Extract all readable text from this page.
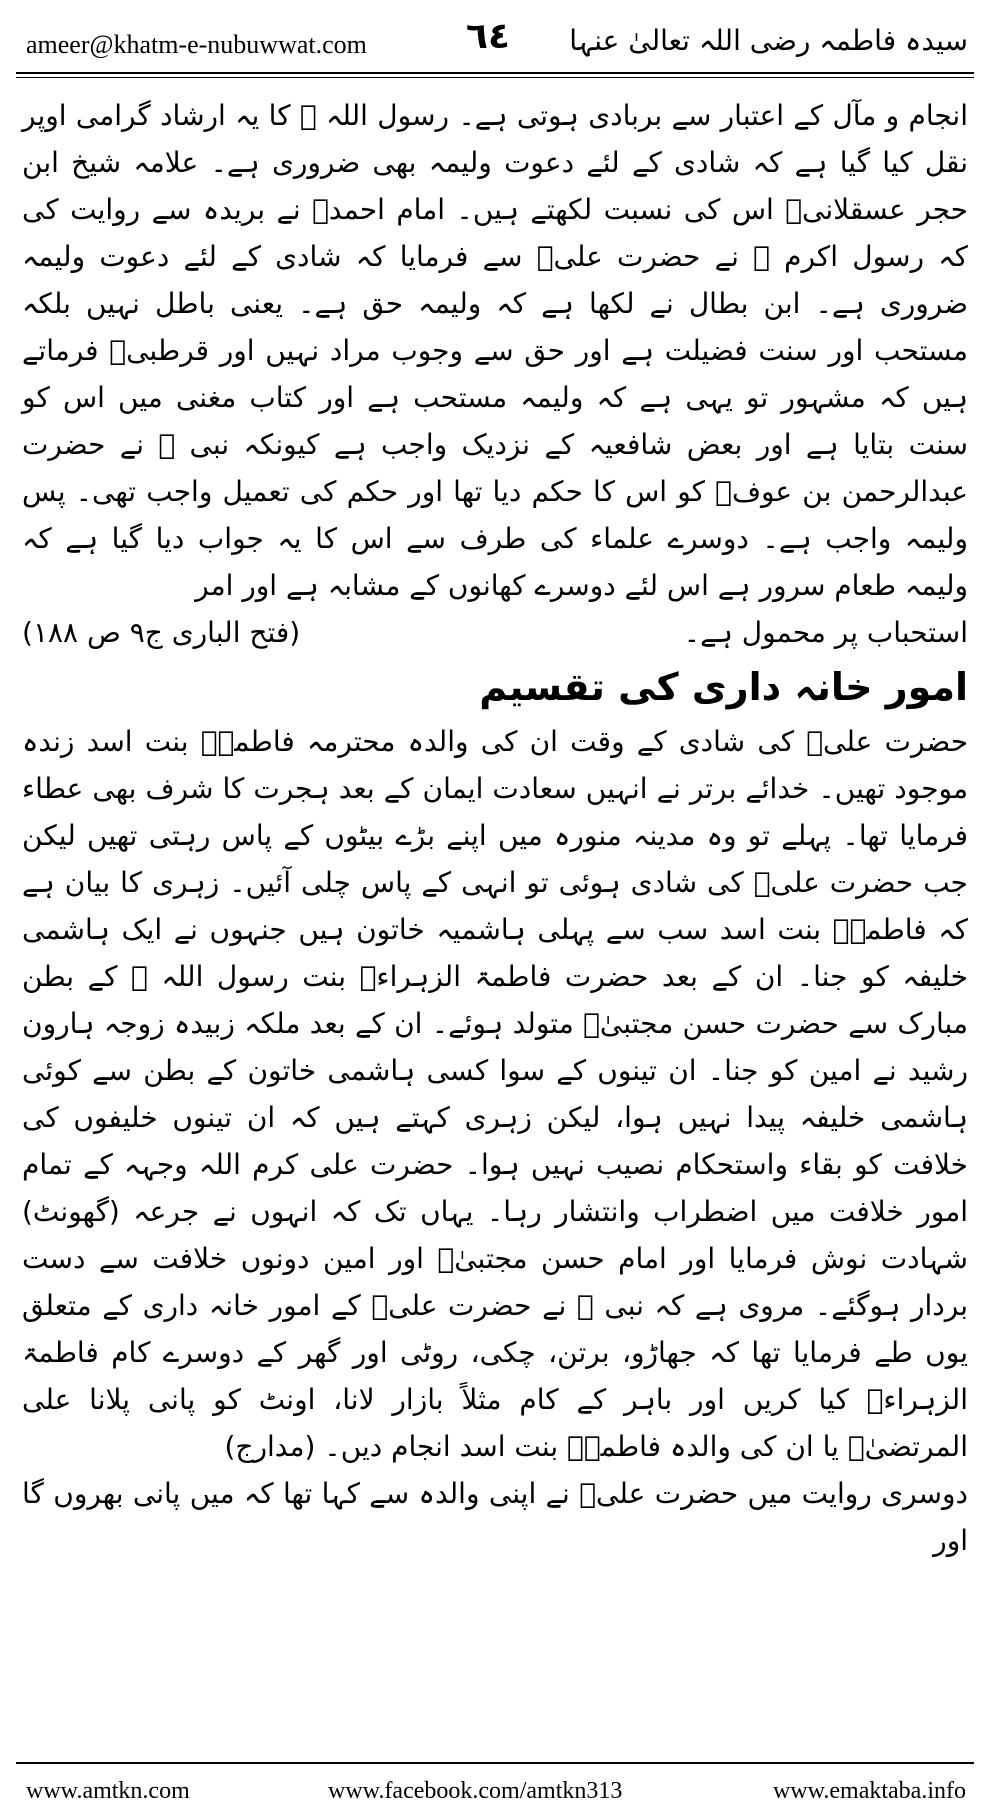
ameer@khatm-e-nubuwwat.com	٦٤ سیدہ فاطمہ رضی اللہ تعالیٰ عنہا

انجام و مآل کے اعتبار سے بربادی ہوتی ہے۔ رسول اللہ ﷺ کا یہ ارشاد گرامی اوپر نقل کیا گیا ہے کہ شادی کے لئے دعوت ولیمہ بھی ضروری ہے۔ علامہ شیخ ابن حجر عسقلانیؒ اس کی نسبت لکھتے ہیں۔ امام احمدؒ نے بریدہ سے روایت کی کہ رسول اکرم ﷺ نے حضرت علیؓ سے فرمایا کہ شادی کے لئے دعوت ولیمہ ضروری ہے۔ ابن بطال نے لکھا ہے کہ ولیمہ حق ہے۔ یعنی باطل نہیں بلکہ مستحب اور سنت فضیلت ہے اور حق سے وجوب مراد نہیں اور قرطبیؒ فرماتے ہیں کہ مشہور تو یہی ہے کہ ولیمہ مستحب ہے اور کتاب مغنی میں اس کو سنت بتایا ہے اور بعض شافعیہ کے نزدیک واجب ہے کیونکہ نبی ﷺ نے حضرت عبدالرحمن بن عوفؓ کو اس کا حکم دیا تھا اور حکم کی تعمیل واجب تھی۔ پس ولیمہ واجب ہے۔ دوسرے علماء کی طرف سے اس کا یہ جواب دیا گیا ہے کہ ولیمہ طعام سرور ہے اس لئے دوسرے کھانوں کے مشابہ ہے اور امر

استحباب پر محمول ہے۔
(فتح الباری ج۹ ص ۱۸۸)

امور خانہ داری کی تقسیم

حضرت علیؓ کی شادی کے وقت ان کی والدہ محترمہ فاطمہؓ بنت اسد زندہ موجود تھیں۔ خدائے برتر نے انہیں سعادت ایمان کے بعد ہجرت کا شرف بھی عطاء فرمایا تھا۔ پہلے تو وہ مدینہ منورہ میں اپنے بڑے بیٹوں کے پاس رہتی تھیں لیکن جب حضرت علیؓ کی شادی ہوئی تو انہی کے پاس چلی آئیں۔ زہری کا بیان ہے کہ فاطمہؓ بنت اسد سب سے پہلی ہاشمیہ خاتون ہیں جنہوں نے ایک ہاشمی خلیفہ کو جنا۔ ان کے بعد حضرت فاطمۃ الزہراءؓ بنت رسول اللہ ﷺ کے بطن مبارک سے حضرت حسن مجتبیٰؓ متولد ہوئے۔ ان کے بعد ملکہ زبیدہ زوجہ ہارون رشید نے امین کو جنا۔ ان تینوں کے سوا کسی ہاشمی خاتون کے بطن سے کوئی ہاشمی خلیفہ پیدا نہیں ہوا، لیکن زہری کہتے ہیں کہ ان تینوں خلیفوں کی خلافت کو بقاء واستحکام نصیب نہیں ہوا۔ حضرت علی کرم اللہ وجہہ کے تمام امور خلافت میں اضطراب وانتشار رہا۔ یہاں تک کہ انہوں نے جرعہ (گھونٹ) شہادت نوش فرمایا اور امام حسن مجتبیٰؓ اور امین دونوں خلافت سے دست بردار ہوگئے۔ مروی ہے کہ نبی ﷺ نے حضرت علیؓ کے امور خانہ داری کے متعلق یوں طے فرمایا تھا کہ جھاڑو، برتن، چکی، روٹی اور گھر کے دوسرے کام فاطمۃ الزہراءؓ کیا کریں اور باہر کے کام مثلاً بازار لانا، اونٹ کو پانی پلانا علی المرتضیٰؓ یا ان کی والدہ فاطمہؓ بنت اسد انجام دیں۔ (مدارج)

دوسری روایت میں حضرت علیؓ نے اپنی والدہ سے کہا تھا کہ میں پانی بھروں گا اور

www.amtkn.com	www.facebook.com/amtkn313	www.emaktaba.info
